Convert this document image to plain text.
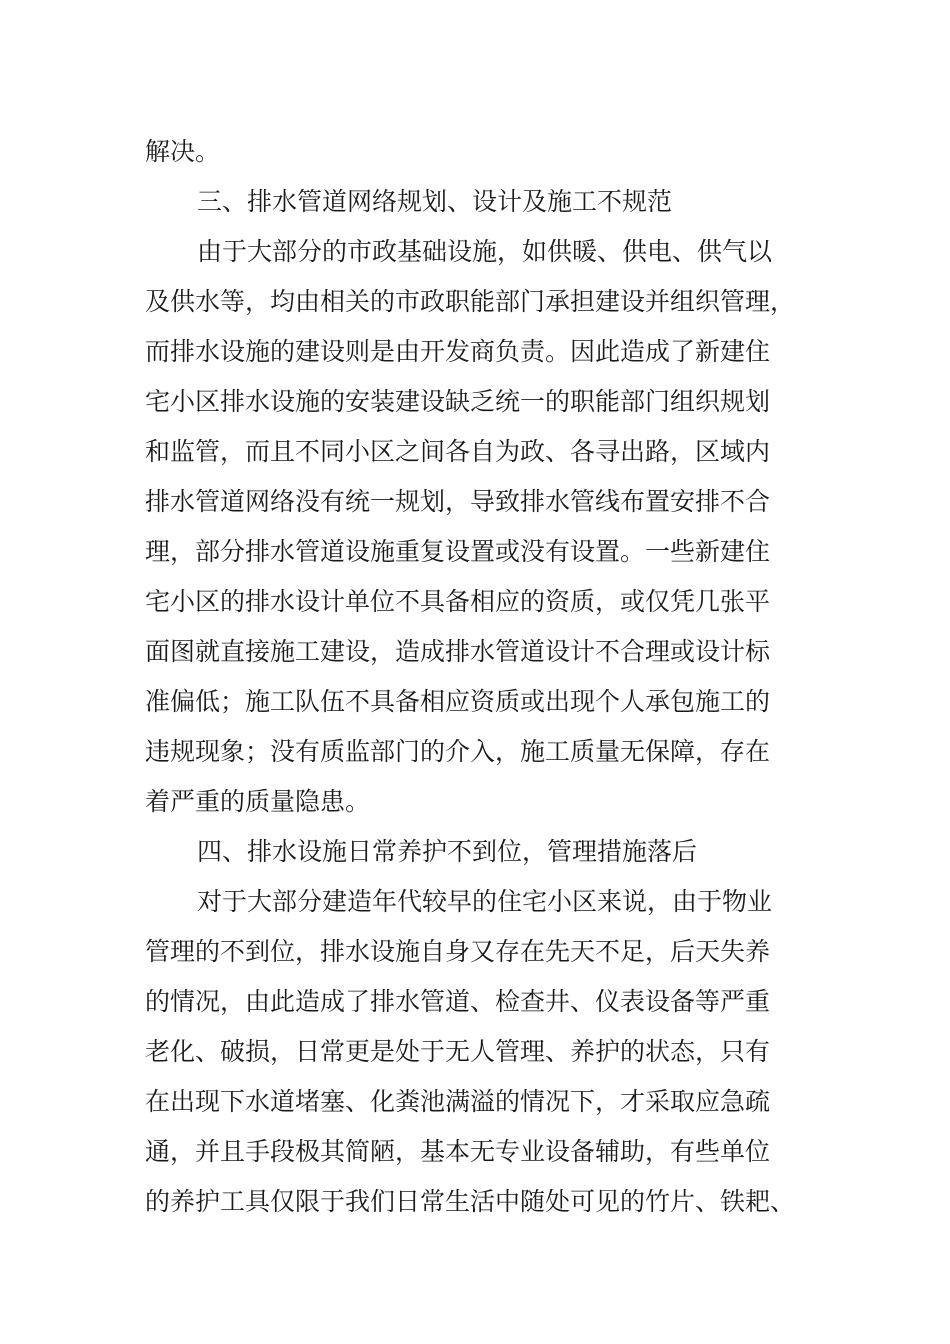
解决。
三、排水管道网络规划、设计及施工不规范
由于大部分的市政基础设施，如供暖、供电、供气以
及供水等，均由相关的市政职能部门承担建设并组织管理，
而排水设施的建设则是由开发商负责。因此造成了新建住
宅小区排水设施的安装建设缺乏统一的职能部门组织规划
和监管，而且不同小区之间各自为政、各寻出路，区域内
排水管道网络没有统一规划，导致排水管线布置安排不合
理，部分排水管道设施重复设置或没有设置。一些新建住
宅小区的排水设计单位不具备相应的资质，或仅凭几张平
面图就直接施工建设，造成排水管道设计不合理或设计标
准偏低；施工队伍不具备相应资质或出现个人承包施工的
违规现象；没有质监部门的介入，施工质量无保障，存在
着严重的质量隐患。
四、排水设施日常养护不到位，管理措施落后
对于大部分建造年代较早的住宅小区来说，由于物业
管理的不到位，排水设施自身又存在先天不足，后天失养
的情况，由此造成了排水管道、检查井、仪表设备等严重
老化、破损，日常更是处于无人管理、养护的状态，只有
在出现下水道堵塞、化粪池满溢的情况下，才采取应急疏
通，并且手段极其简陋，基本无专业设备辅助，有些单位
的养护工具仅限于我们日常生活中随处可见的竹片、铁耙、
